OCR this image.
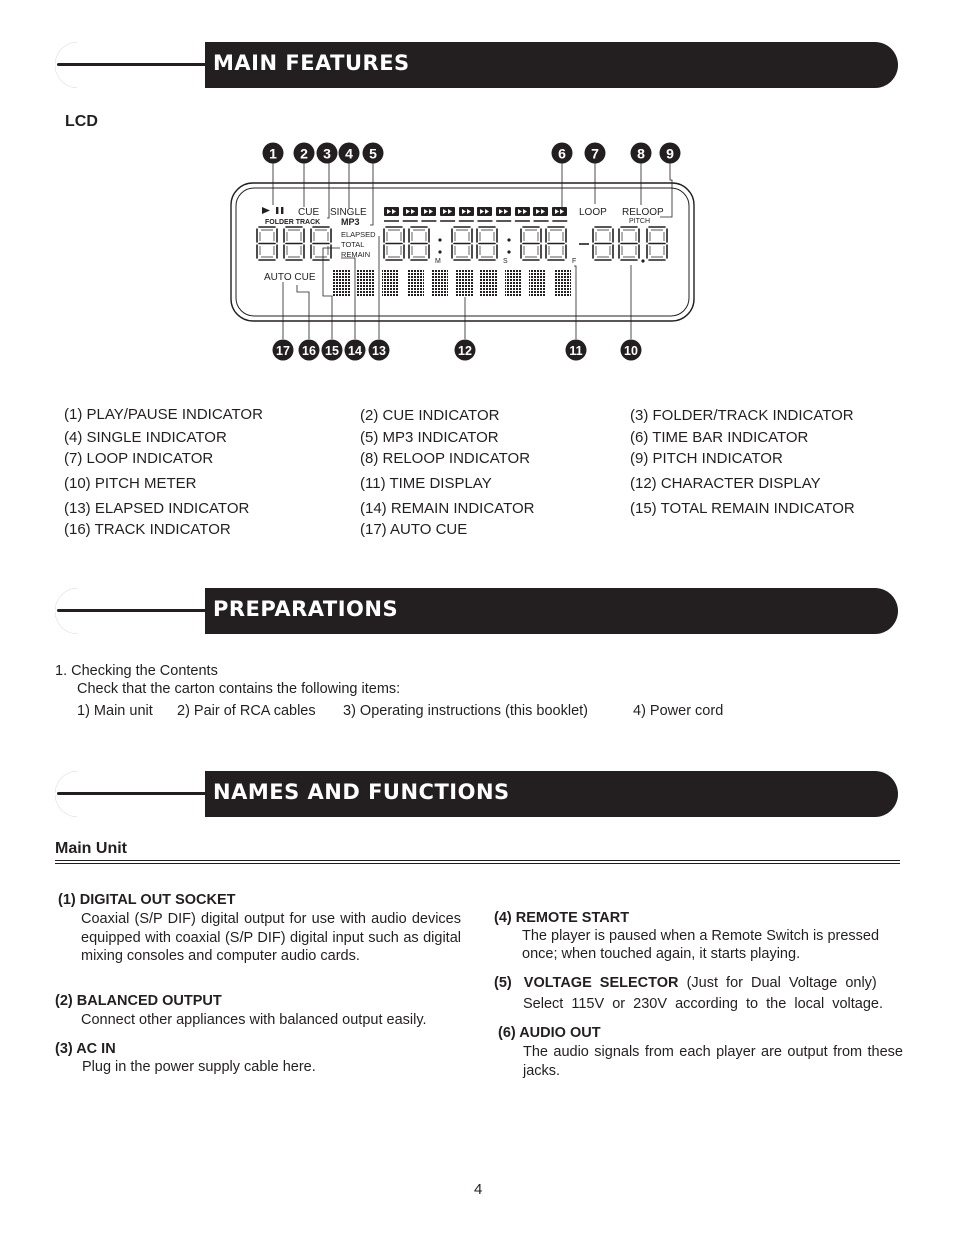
MAIN FEATURES
LCD
CUE SINGLE
FOLDER TRACK MP3
ELAPSED
TOTAL
REMAIN
LOOP RELOOP
PITCH
AUTO CUE
M	S	F
1 2 3 4 5	6 7	8 9
17 16 15 14 13	12	11	10
(1) PLAY/PAUSE INDICATOR	(2) CUE INDICATOR	(3) FOLDER/TRACK INDICATOR
(4) SINGLE INDICATOR	(5) MP3 INDICATOR	(6) TIME BAR INDICATOR
(7) LOOP INDICATOR	(8) RELOOP INDICATOR	(9) PITCH INDICATOR
(10) PITCH METER	(11) TIME DISPLAY	(12) CHARACTER DISPLAY
(13) ELAPSED INDICATOR	(14) REMAIN INDICATOR	(15) TOTAL REMAIN INDICATOR
(16) TRACK INDICATOR	(17) AUTO CUE
PREPARATIONS
1. Checking the Contents
Check that the carton contains the following items:
1) Main unit 2) Pair of RCA cables 3) Operating instructions (this booklet)	4) Power cord
NAMES AND FUNCTIONS
Main Unit
(1) DIGITAL OUT SOCKET
Coaxial (S/P DIF) digital output for use with audio devices equipped with coaxial (S/P DIF) digital input such as digital mixing consoles and computer audio cards.
(2) BALANCED OUTPUT
Connect other appliances with balanced output easily.
(3) AC IN
Plug in the power supply cable here.
(4) REMOTE START
The player is paused when a Remote Switch is pressed once; when touched again, it starts playing.
(5)   VOLTAGE  SELECTOR (Just  for  Dual  Voltage  only)
Select  115V  or  230V  according  to  the  local  voltage.
(6) AUDIO OUT
The audio signals from each player are output from these jacks.
4
